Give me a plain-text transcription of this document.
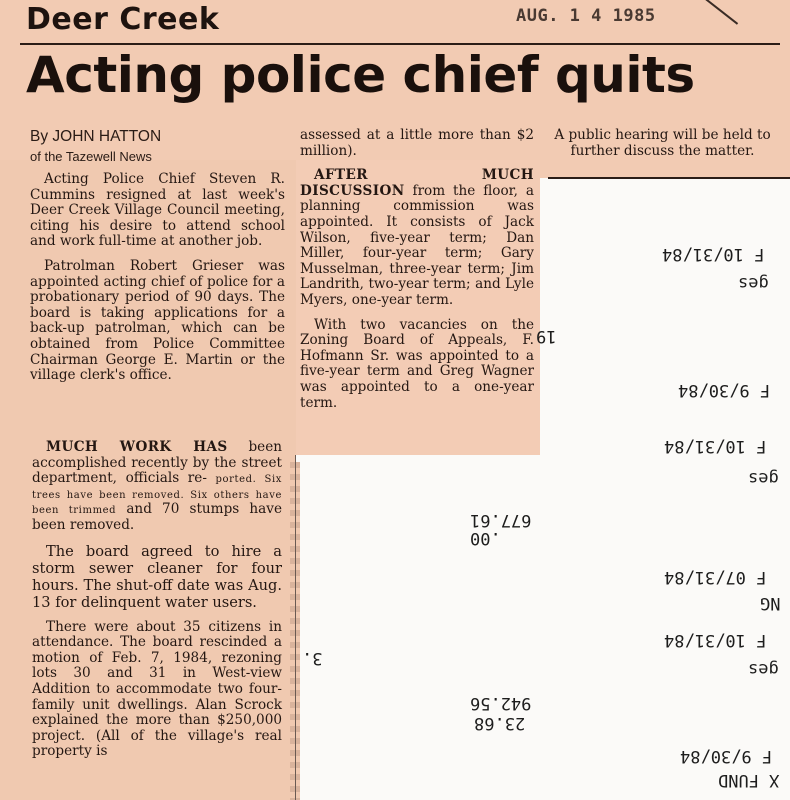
Deer Creek	AUG. 1 4 1985
Acting police chief quits
By JOHN HATTON
of the Tazewell News

Acting Police Chief Steven R. Cummins resigned at last week's Deer Creek Village Council meeting, citing his desire to attend school and work full-time at another job.

Patrolman Robert Grieser was appointed acting chief of police for a probationary period of 90 days. The board is taking applications for a back-up patrolman, which can be obtained from Police Committee Chairman George E. Martin or the village clerk's office.

MUCH WORK HAS been accomplished recently by the street department, officials re- ported. Six trees have been removed. Six others have been trimmed and 70 stumps have been removed.

The board agreed to hire a storm sewer cleaner for four hours. The shut-off date was Aug. 13 for delinquent water users.

There were about 35 citizens in attendance. The board rescinded a motion of Feb. 7, 1984, rezoning lots 30 and 31 in West-view Addition to accommodate two four-family unit dwellings. Alan Scrock explained the more than $250,000 project. (All of the village's real property is

assessed at a little more than $2 million).

AFTER MUCH DISCUSSION from the floor, a planning commission was appointed. It consists of Jack Wilson, five-year term; Dan Miller, four-year term; Gary Musselman, three-year term; Jim Landrith, two-year term; and Lyle Myers, one-year term.

With two vacancies on the Zoning Board of Appeals, F. Hofmann Sr. was appointed to a five-year term and Greg Wagner was appointed to a one-year term.

A public hearing will be held to further discuss the matter.

F 10/31/84
ges
19
F 9/30/84
F 10/31/84
ges
677.61
.00
F 07/31/84
NG
F 10/31/84
ges
3.
942.56
23.68
F 9/30/84
X FUND
